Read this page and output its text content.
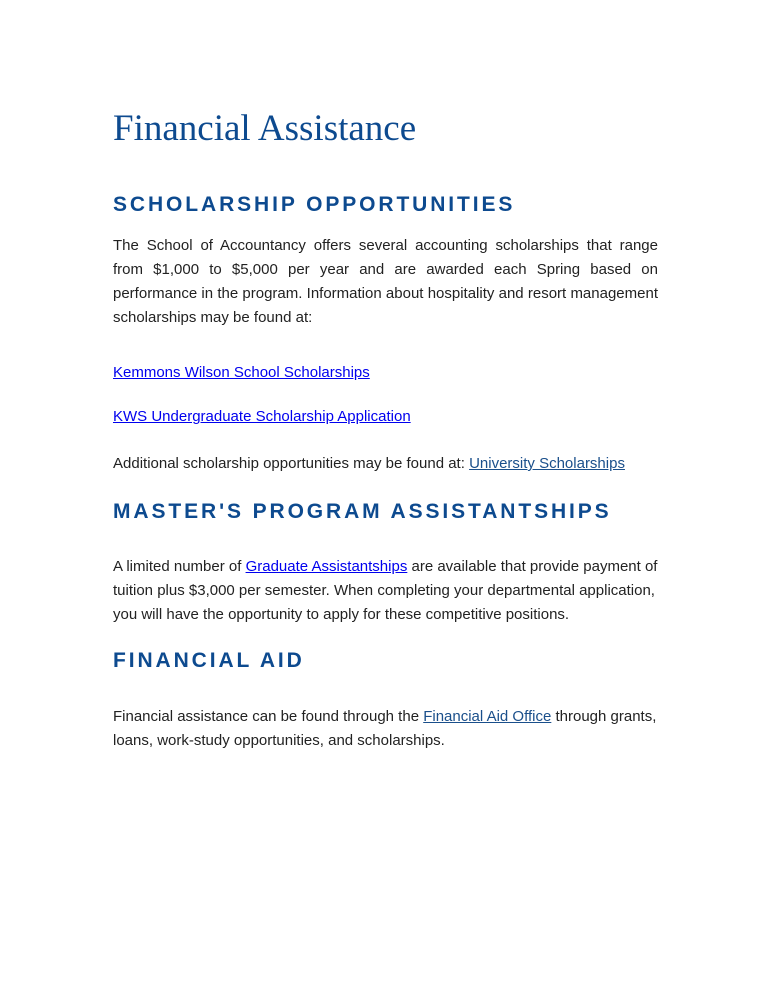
Financial Assistance
SCHOLARSHIP OPPORTUNITIES

The School of Accountancy offers several accounting scholarships that range from $1,000 to $5,000 per year and are awarded each Spring based on performance in the program. Information about hospitality and resort management scholarships may be found at:

Kemmons Wilson School Scholarships

KWS Undergraduate Scholarship Application

Additional scholarship opportunities may be found at: University Scholarships

MASTER'S PROGRAM ASSISTANTSHIPS

A limited number of Graduate Assistantships are available that provide payment of tuition plus $3,000 per semester. When completing your departmental application, you will have the opportunity to apply for these competitive positions.

FINANCIAL AID

Financial assistance can be found through the Financial Aid Office through grants, loans, work-study opportunities, and scholarships.
